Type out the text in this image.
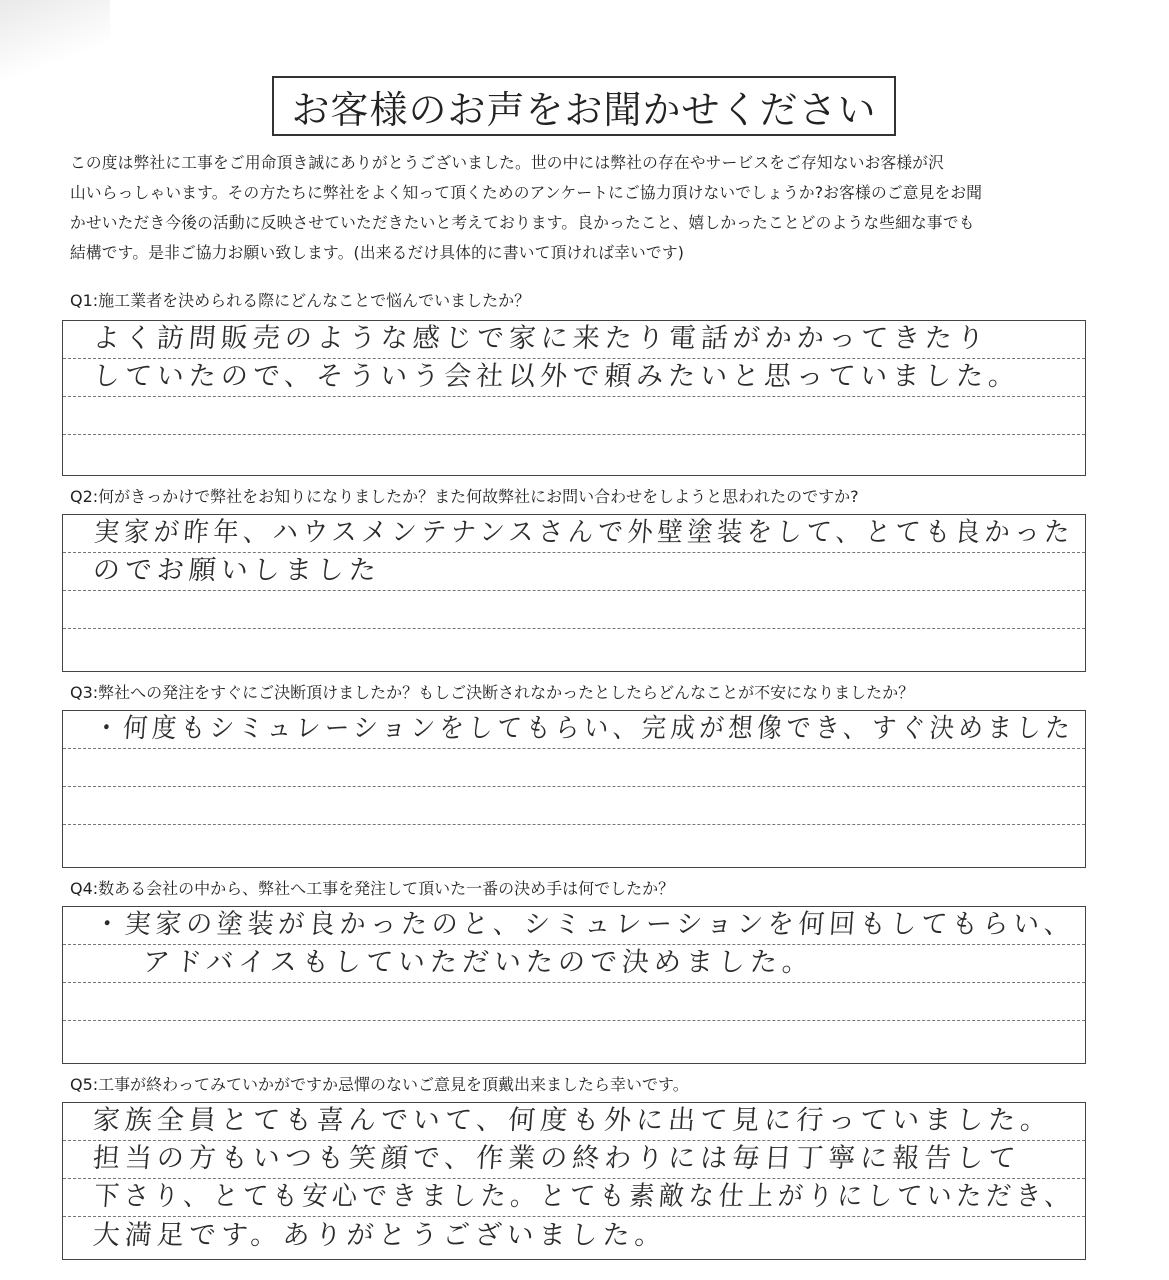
お客様のお声をお聞かせください
この度は弊社に工事をご用命頂き誠にありがとうございました。世の中には弊社の存在やサービスをご存知ないお客様が沢
山いらっしゃいます。その方たちに弊社をよく知って頂くためのアンケートにご協力頂けないでしょうか?お客様のご意見をお聞
かせいただき今後の活動に反映させていただきたいと考えております。良かったこと、嬉しかったことどのような些細な事でも
結構です。是非ご協力お願い致します。(出来るだけ具体的に書いて頂ければ幸いです)
Q1:施工業者を決められる際にどんなことで悩んでいましたか？
よく訪問販売のような感じで家に来たり電話がかかってきたり
していたので、そういう会社以外で頼みたいと思っていました。
Q2:何がきっかけで弊社をお知りになりましたか？また何故弊社にお問い合わせをしようと思われたのですか?
実家が昨年、ハウスメンテナンスさんで外壁塗装をして、とても良かった
のでお願いしました
Q3:弊社への発注をすぐにご決断頂けましたか？もしご決断されなかったとしたらどんなことが不安になりましたか？
・何度もシミュレーションをしてもらい、完成が想像でき、すぐ決めました
Q4:数ある会社の中から、弊社へ工事を発注して頂いた一番の決め手は何でしたか？
・実家の塗装が良かったのと、シミュレーションを何回もしてもらい、
アドバイスもしていただいたので決めました。
Q5:工事が終わってみていかがですか忌憚のないご意見を頂戴出来ましたら幸いです。
家族全員とても喜んでいて、何度も外に出て見に行っていました。
担当の方もいつも笑顔で、作業の終わりには毎日丁寧に報告して
下さり、とても安心できました。とても素敵な仕上がりにしていただき、
大満足です。ありがとうございました。
